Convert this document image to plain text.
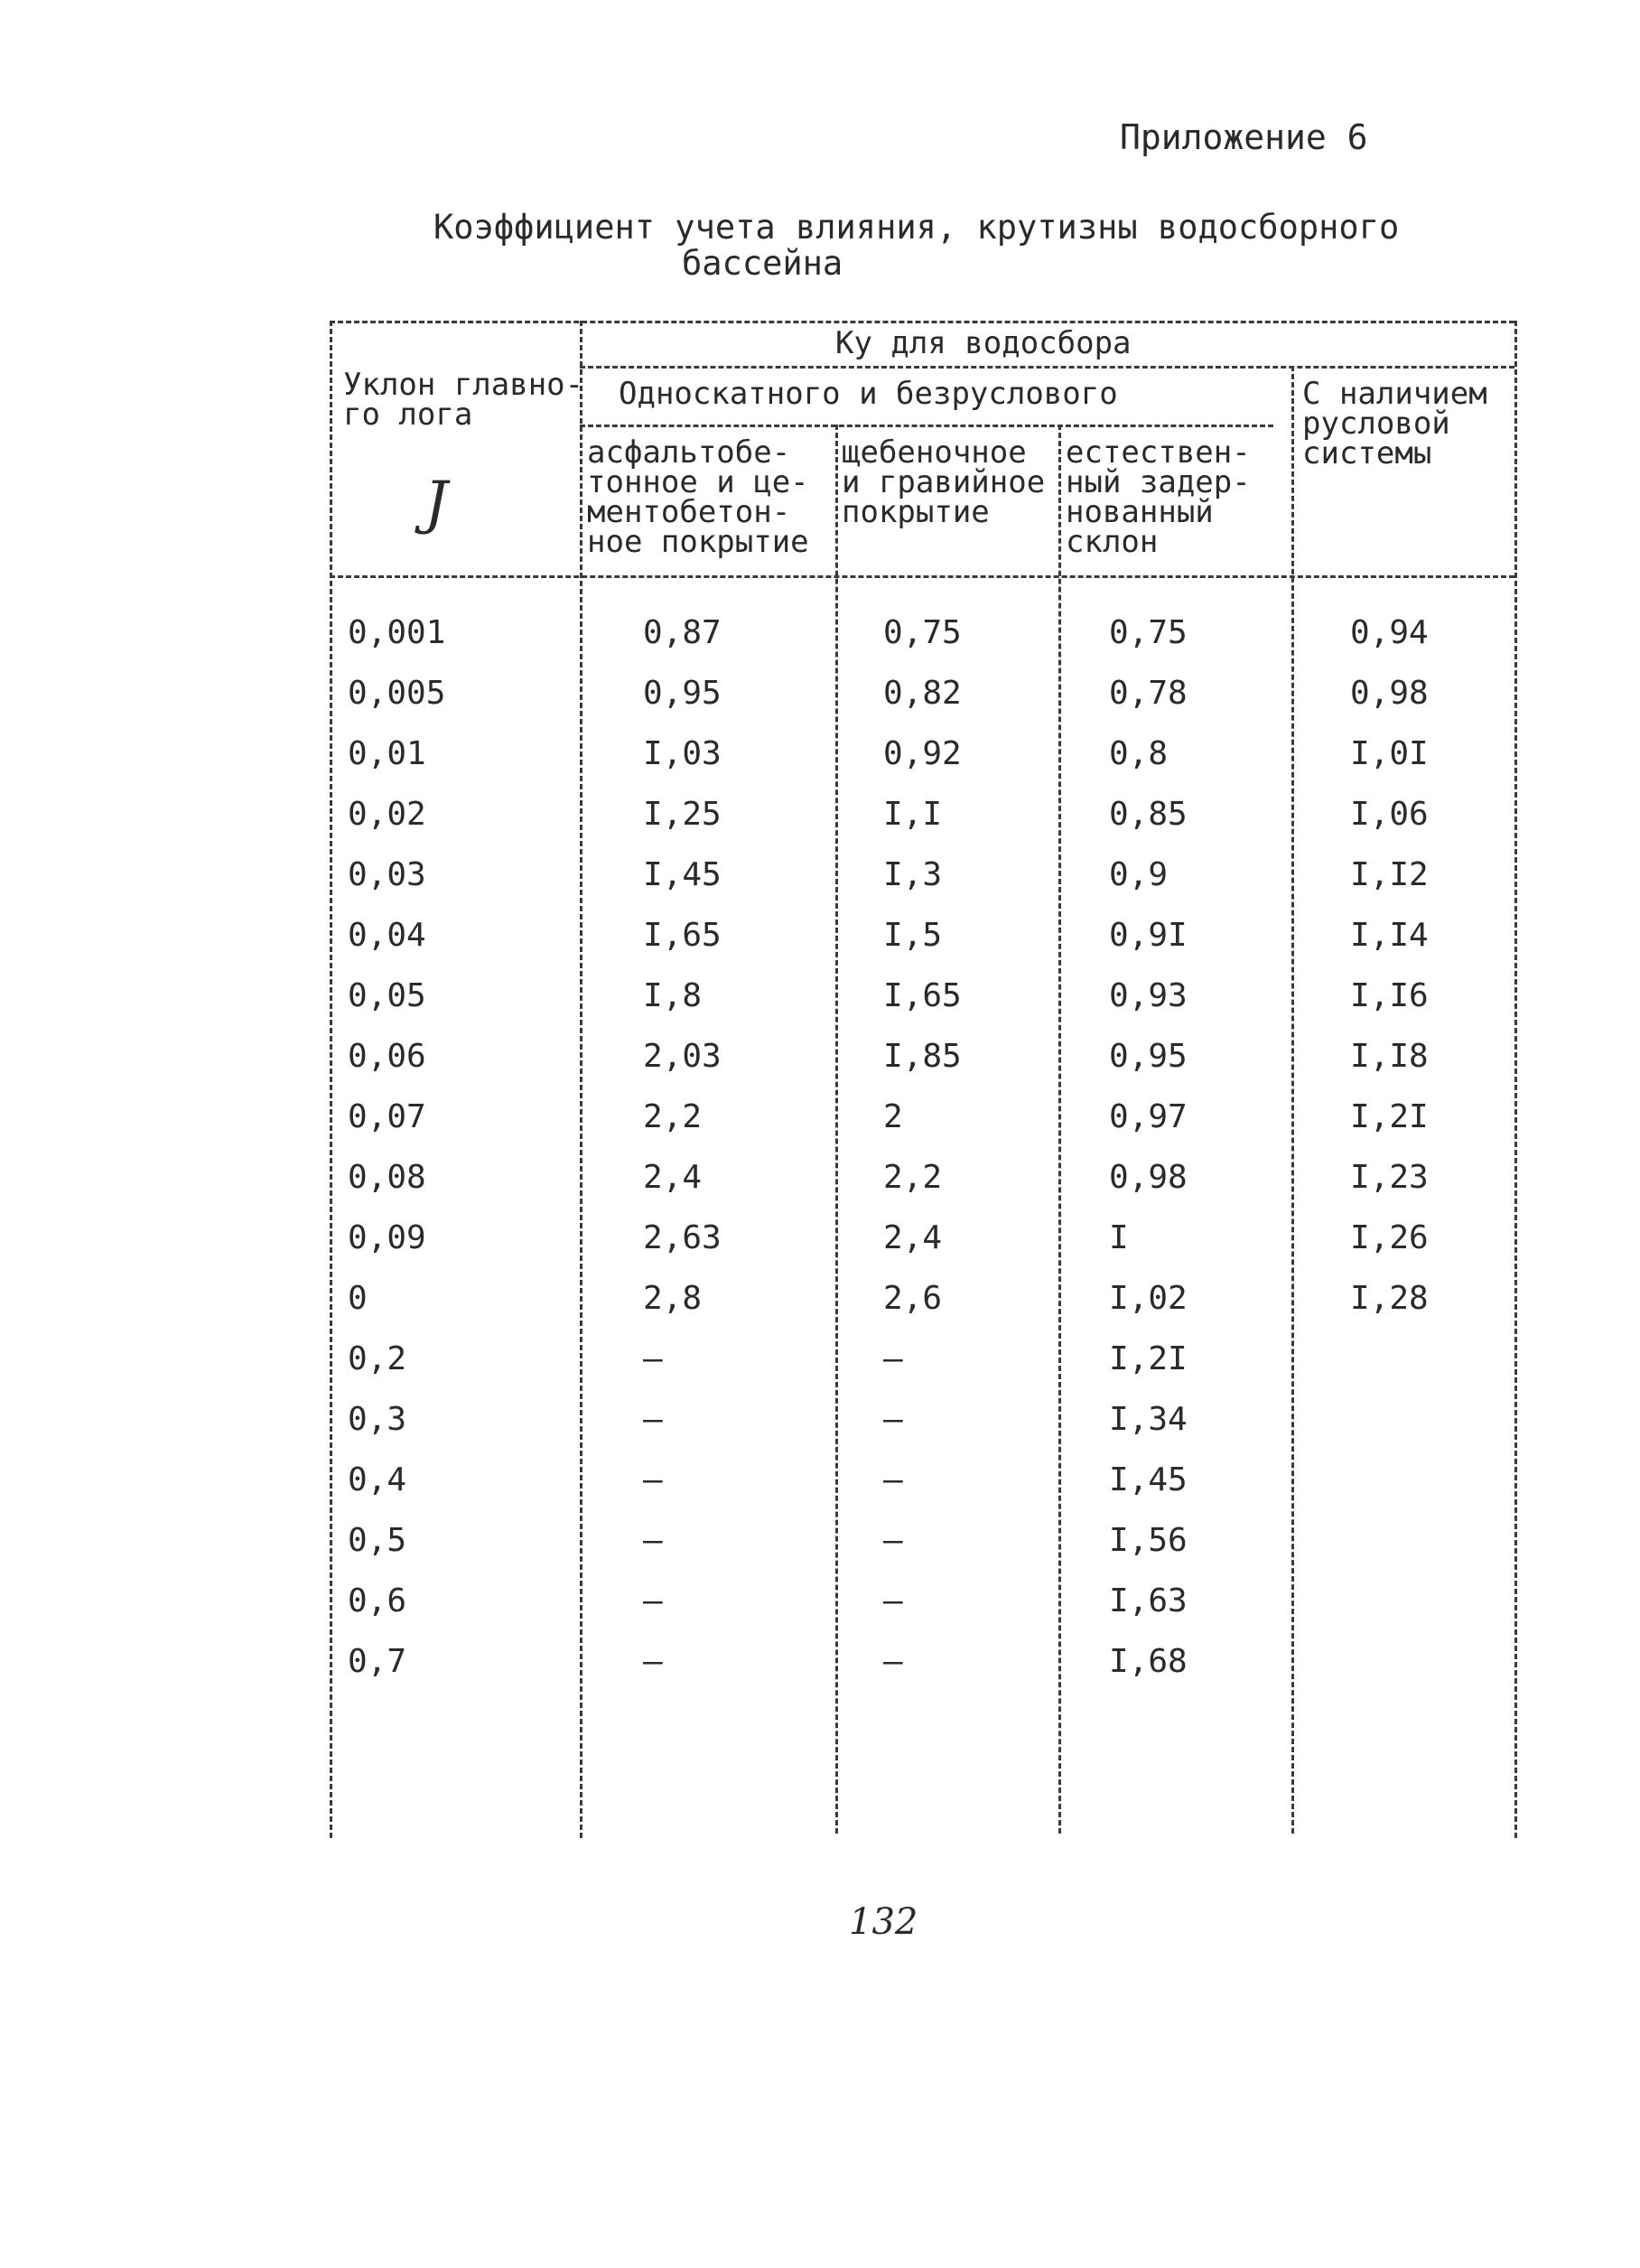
Приложение 6
Коэффициент учета влияния, крутизны водосборного
бассейна
Уклон главно-
го лога
J
Ку для водосбора
Односкатного и безруслового
асфальтобе-
тонное и це-
ментобетон-
ное покрытие
щебеночное
и гравийное
покрытие
естествен-
ный задер-
нованный
склон
С наличием
русловой
системы
0,001	0,87	0,75	0,75	0,94
0,005	0,95	0,82	0,78	0,98
0,01	I,03	0,92	0,8	I,0I
0,02	I,25	I,I	0,85	I,06
0,03	I,45	I,3	0,9	I,I2
0,04	I,65	I,5	0,9I	I,I4
0,05	I,8	I,65	0,93	I,I6
0,06	2,03	I,85	0,95	I,I8
0,07	2,2	2	0,97	I,2I
0,08	2,4	2,2	0,98	I,23
0,09	2,63	2,4	I	I,26
0	2,8	2,6	I,02	I,28
0,2	–	–	I,2I
0,3	–	–	I,34
0,4	–	–	I,45
0,5	–	–	I,56
0,6	–	–	I,63
0,7	–	–	I,68
132
